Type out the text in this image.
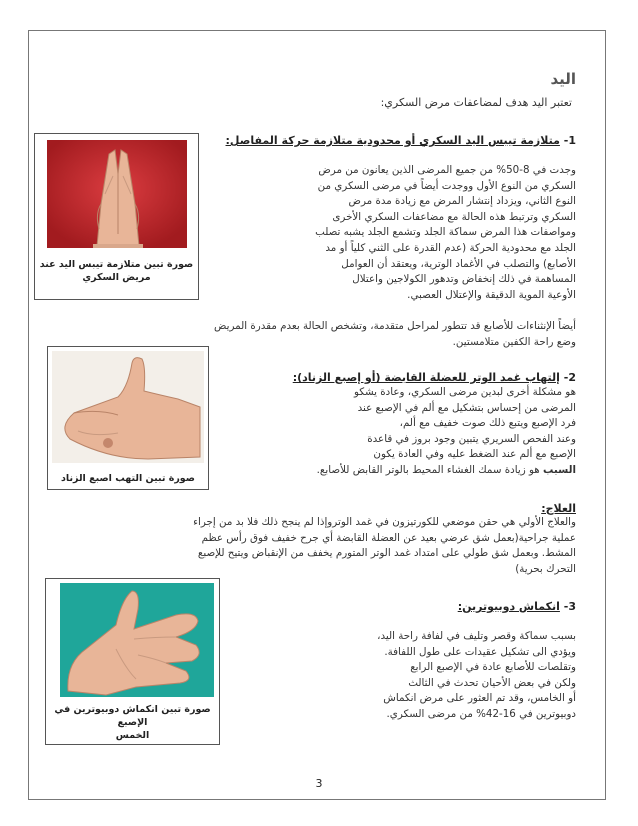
اليد
تعتبر اليد هدف لمضاعفات مرض السكري:
1- متلازمة تيبس اليد السكري أو محدودية متلازمة حركة المفاصل:
وجدت في 8-50% من جميع المرضى الذين يعانون من مرض
السكري من النوع الأول ووجدت أيضاً في مرضى السكري من
النوع الثاني، ويزداد إنتشار المرض مع زيادة مدة مرض
السكري وترتبط هذه الحالة مع مضاعفات السكري الأخرى
ومواصفات هذا المرض سماكة الجلد وتشمع الجلد يشبه تصلب
الجلد مع محدودية الحركة (عدم القدرة على الثني كلياً أو مد
الأصابع) والتصلب في الأغماد الوترية، ويعتقد أن العوامل
المساهمة في ذلك إنخفاض وتدهور الكولاجين واعتلال
الأوعية الموية الدقيقة والإعتلال العصبي.
أيضاً الإنثناءات للأصابع قد تتطور لمراحل متقدمة، وتشخص الحالة بعدم مقدرة المريض
وضع راحة الكفين متلامستين.
صورة تبين متلازمة تيبس اليد عند
مريض السكري
2- إلتهاب غمد الوتر للعضلة القابضة (أو إصبع الزناد):
هو مشكلة أخرى لبدين مرضى السكري، وعادة يشكو
المرضى من إحساس بتشكيل مع ألم في الإصبع عند
فرد الإصبع ويتبع ذلك صوت خفيف مع ألم،
وعند الفحص السريري يتبين وجود بروز في قاعدة
الإصبع مع ألم عند الضغط عليه وفي العادة يكون
السبب هو زيادة سمك الغشاء المحيط بالوتر القابض للأصابع.
صورة تبين التهب اصبع الزناد
العلاج:
والعلاج الأولي هي حقن موضعي للكورتيزون في غمد الوتروإذا لم ينجح ذلك فلا بد من إجراء
عملية جراحية(بعمل شق عرضي بعيد عن العضلة القابضة أي جرح خفيف فوق رأس عظم
المشط. وبعمل شق طولي على امتداد غمد الوتر المتورم يخفف من الإنقباض ويتيح للإصبع
التحرك بحرية)
3- انكماش دوبيوترين:
بسبب سماكة وقصر وتليف في لفافة راحة اليد،
ويؤدي الى تشكيل عقيدات على طول اللفافة.
وتقلصات للأصابع عادة في الإصبع الرابع
ولكن في بعض الأحيان تحدث في الثالث
أو الخامس، وقد تم العثور على مرض انكماش
دوبيوترين في 16-42% من مرضى السكري.
صورة تبين انكماش دوبيوترين في الإصبع
الخمس
3
